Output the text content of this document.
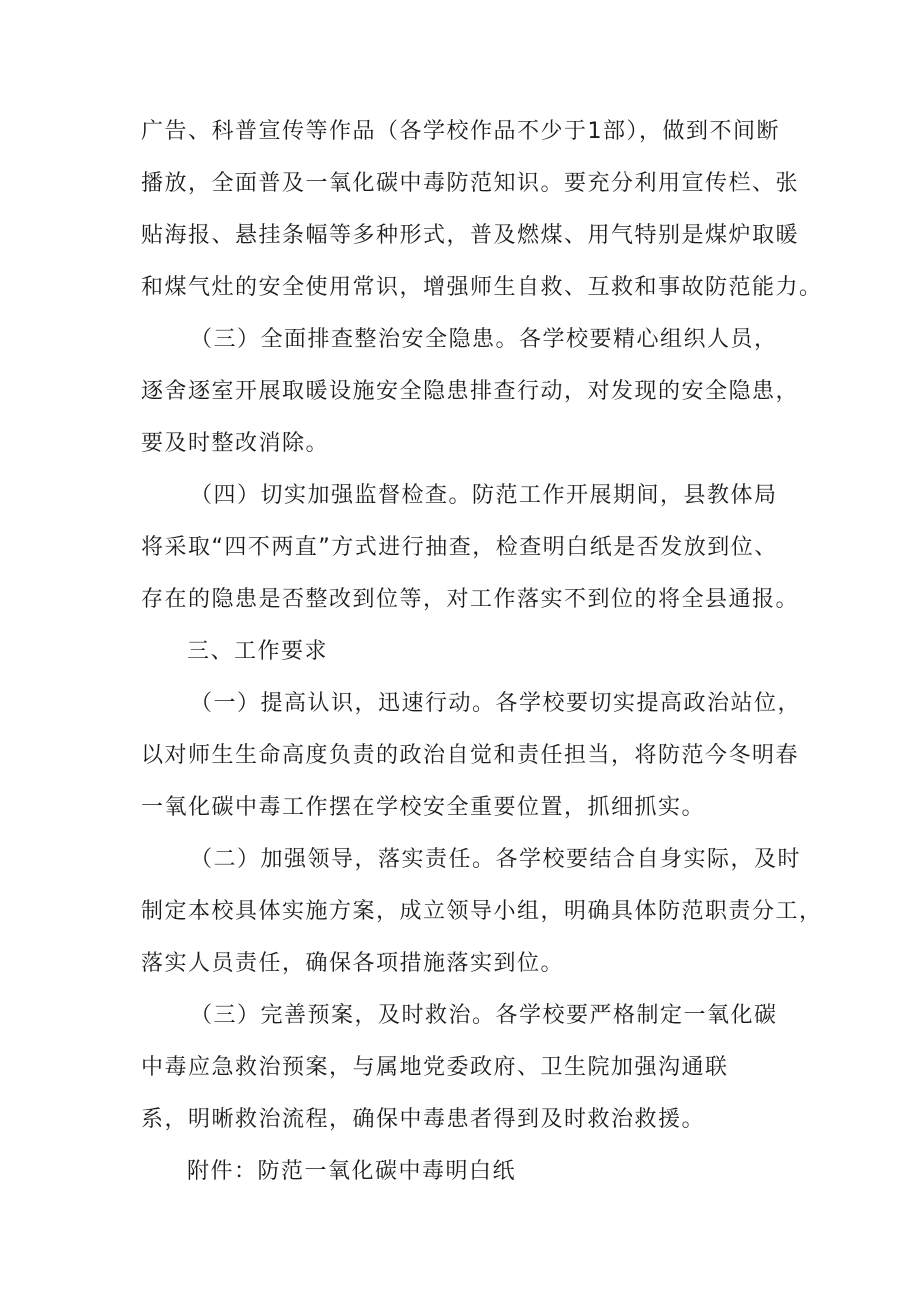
广告、科普宣传等作品（各学校作品不少于1部），做到不间断
播放，全面普及一氧化碳中毒防范知识。要充分利用宣传栏、张
贴海报、悬挂条幅等多种形式，普及燃煤、用气特别是煤炉取暖
和煤气灶的安全使用常识，增强师生自救、互救和事故防范能力。
（三）全面排查整治安全隐患。各学校要精心组织人员，
逐舍逐室开展取暖设施安全隐患排查行动，对发现的安全隐患，
要及时整改消除。
（四）切实加强监督检查。防范工作开展期间，县教体局
将采取“四不两直”方式进行抽查，检查明白纸是否发放到位、
存在的隐患是否整改到位等，对工作落实不到位的将全县通报。
三、工作要求
（一）提高认识，迅速行动。各学校要切实提高政治站位，
以对师生生命高度负责的政治自觉和责任担当，将防范今冬明春
一氧化碳中毒工作摆在学校安全重要位置，抓细抓实。
（二）加强领导，落实责任。各学校要结合自身实际，及时
制定本校具体实施方案，成立领导小组，明确具体防范职责分工，
落实人员责任，确保各项措施落实到位。
（三）完善预案，及时救治。各学校要严格制定一氧化碳
中毒应急救治预案，与属地党委政府、卫生院加强沟通联
系，明晰救治流程，确保中毒患者得到及时救治救援。
附件：防范一氧化碳中毒明白纸
